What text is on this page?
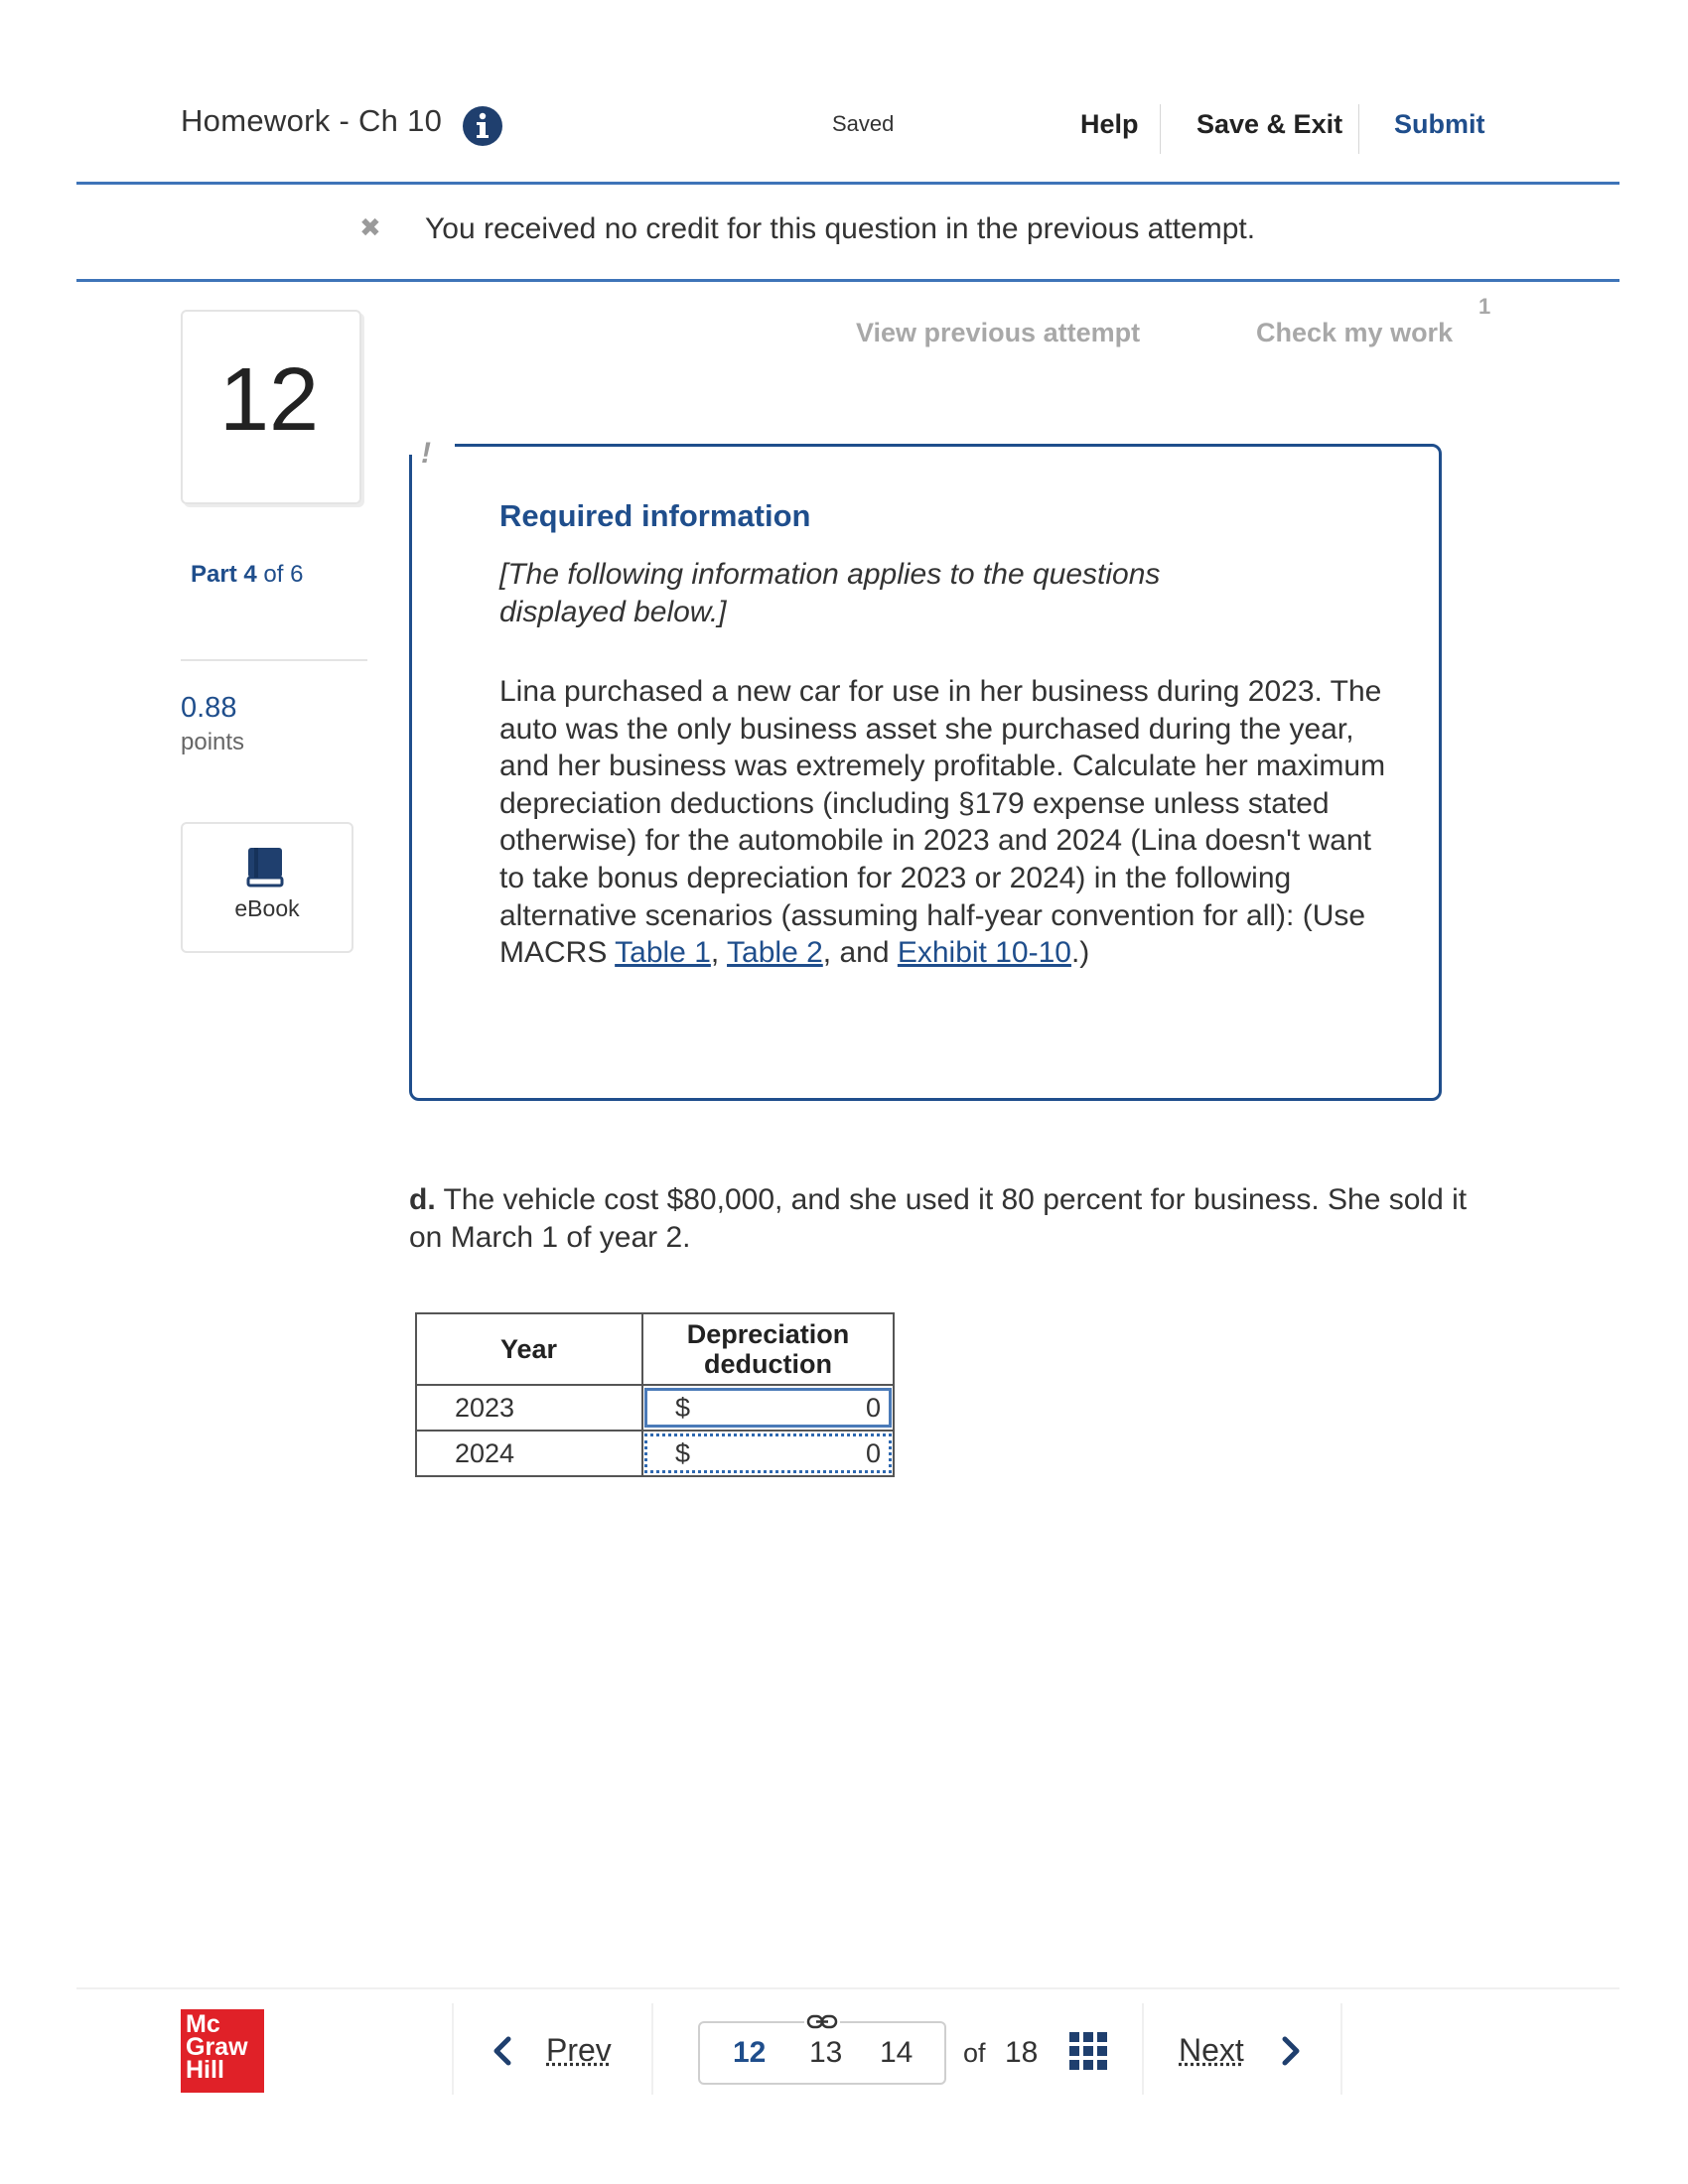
Homework - Ch 10	Saved	Help Save & Exit Submit
✖ You received no credit for this question in the previous attempt.
12
Part 4 of 6
0.88
points
eBook
View previous attempt	Check my work
1
!
Required information
[The following information applies to the questions displayed below.]
Lina purchased a new car for use in her business during 2023. The auto was the only business asset she purchased during the year, and her business was extremely profitable. Calculate her maximum depreciation deductions (including §179 expense unless stated otherwise) for the automobile in 2023 and 2024 (Lina doesn't want to take bonus depreciation for 2023 or 2024) in the following alternative scenarios (assuming half-year convention for all): (Use MACRS Table 1, Table 2, and Exhibit 10-10.)
d. The vehicle cost $80,000, and she used it 80 percent for business. She sold it on March 1 of year 2.
Year	Depreciation deduction
2023	$ 0

2024	$ 0
Mc
Graw
Hill
Prev	12 13 14 of 18	Next
